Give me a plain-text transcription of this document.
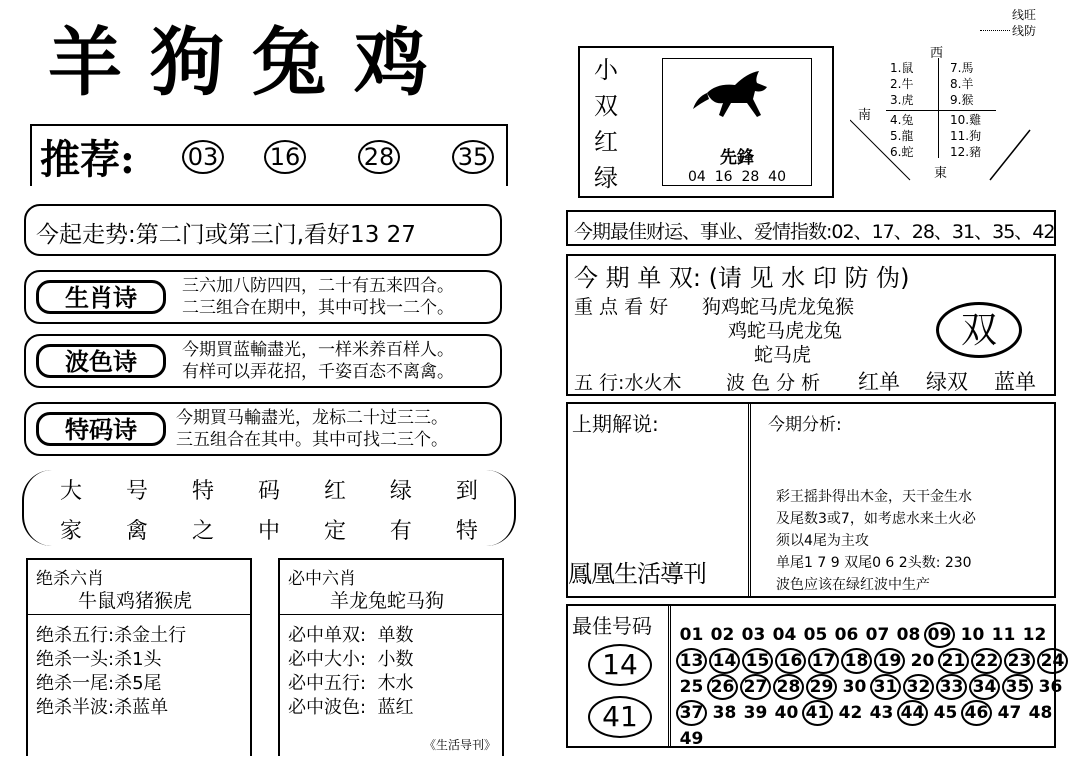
羊狗兔鸡
推荐: 03 16	28	35
今起走势:第二门或第三门,看好13 27
生肖诗	三六加八防四四，二十有五来四合。
二三组合在期中，其中可找一二个。
波色诗	今期買蓝輸盡光，一样米养百样人。
有样可以弄花招，千姿百态不离禽。
特码诗	今期買马輸盡光，龙标二十过三三。
三五组合在其中。其中可找二三个。
大 号 特 码 红 绿 到
家 禽 之 中 定 有 特
绝杀六肖
牛鼠鸡猪猴虎
绝杀五行:杀金土行
绝杀一头:杀1头
绝杀一尾:杀5尾
绝杀半波:杀蓝单
必中六肖
羊龙兔蛇马狗
必中单双: 单数
必中大小: 小数
必中五行: 木水
必中波色: 蓝红
《生活导刊》
小
双
红
绿
先鋒
04  16  28  40
线旺
线防
西
南
東
1.鼠
2.牛
3.虎
4.兔
5.龍
6.蛇
7.馬
8.羊
9.猴
10.雞
11.狗
12.豬
今期最佳财运、事业、爱情指数:02、17、28、31、35、42
今 期 单 双: (请 见 水 印 防 伪)
重 点 看 好 狗鸡蛇马虎龙兔猴
鸡蛇马虎龙兔
蛇马虎
双
五 行:水火木 波 色 分 析 红单 绿双 蓝单
上期解说:
鳳凰生活導刊
今期分析:
彩王摇卦得出木金，天干金生水
及尾数3或7，如考虑水来土火必
须以4尾为主攻
单尾1 7 9 双尾0 6 2头数: 230
波色应该在绿红波中生产
最佳号码
14
41
01 02 03 04 05 06 07 08 09 10 11 12
13 14 15 16 17 18 19 20 21 22 23 24
25 26 27 28 29 30 31 32 33 34 35 36
37 38 39 40 41 42 43 44 45 46 47 48
49
